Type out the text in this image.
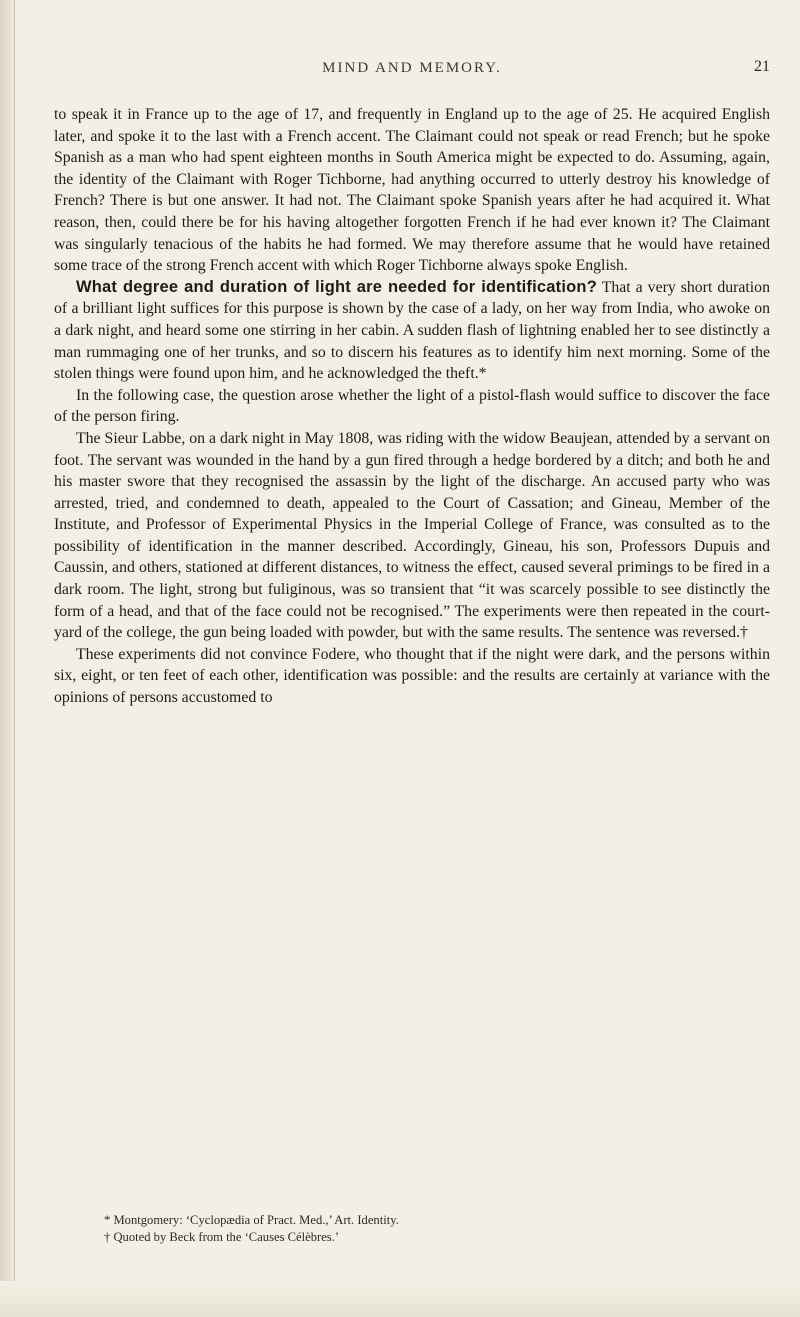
MIND AND MEMORY.	21

to speak it in France up to the age of 17, and frequently in England up to the age of 25. He acquired English later, and spoke it to the last with a French accent. The Claimant could not speak or read French; but he spoke Spanish as a man who had spent eighteen months in South America might be expected to do. Assuming, again, the identity of the Claimant with Roger Tichborne, had anything occurred to utterly destroy his knowledge of French? There is but one answer. It had not. The Claimant spoke Spanish years after he had acquired it. What reason, then, could there be for his having altogether forgotten French if he had ever known it? The Claimant was singularly tenacious of the habits he had formed. We may therefore assume that he would have retained some trace of the strong French accent with which Roger Tichborne always spoke English.

What degree and duration of light are needed for identification? That a very short duration of a brilliant light suffices for this purpose is shown by the case of a lady, on her way from India, who awoke on a dark night, and heard some one stirring in her cabin. A sudden flash of lightning enabled her to see distinctly a man rummaging one of her trunks, and so to discern his features as to identify him next morning. Some of the stolen things were found upon him, and he acknowledged the theft.*

In the following case, the question arose whether the light of a pistol-flash would suffice to discover the face of the person firing.

The Sieur Labbe, on a dark night in May 1808, was riding with the widow Beaujean, attended by a servant on foot. The servant was wounded in the hand by a gun fired through a hedge bordered by a ditch; and both he and his master swore that they recognised the assassin by the light of the discharge. An accused party who was arrested, tried, and condemned to death, appealed to the Court of Cassation; and Gineau, Member of the Institute, and Professor of Experimental Physics in the Imperial College of France, was consulted as to the possibility of identification in the manner described. Accordingly, Gineau, his son, Professors Dupuis and Caussin, and others, stationed at different distances, to witness the effect, caused several primings to be fired in a dark room. The light, strong but fuliginous, was so transient that “it was scarcely possible to see distinctly the form of a head, and that of the face could not be recognised.” The experiments were then repeated in the court-yard of the college, the gun being loaded with powder, but with the same results. The sentence was reversed.†

These experiments did not convince Fodere, who thought that if the night were dark, and the persons within six, eight, or ten feet of each other, identification was possible: and the results are certainly at variance with the opinions of persons accustomed to

* Montgomery: ‘Cyclopædia of Pract. Med.,’ Art. Identity.

† Quoted by Beck from the ‘Causes Célèbres.’
